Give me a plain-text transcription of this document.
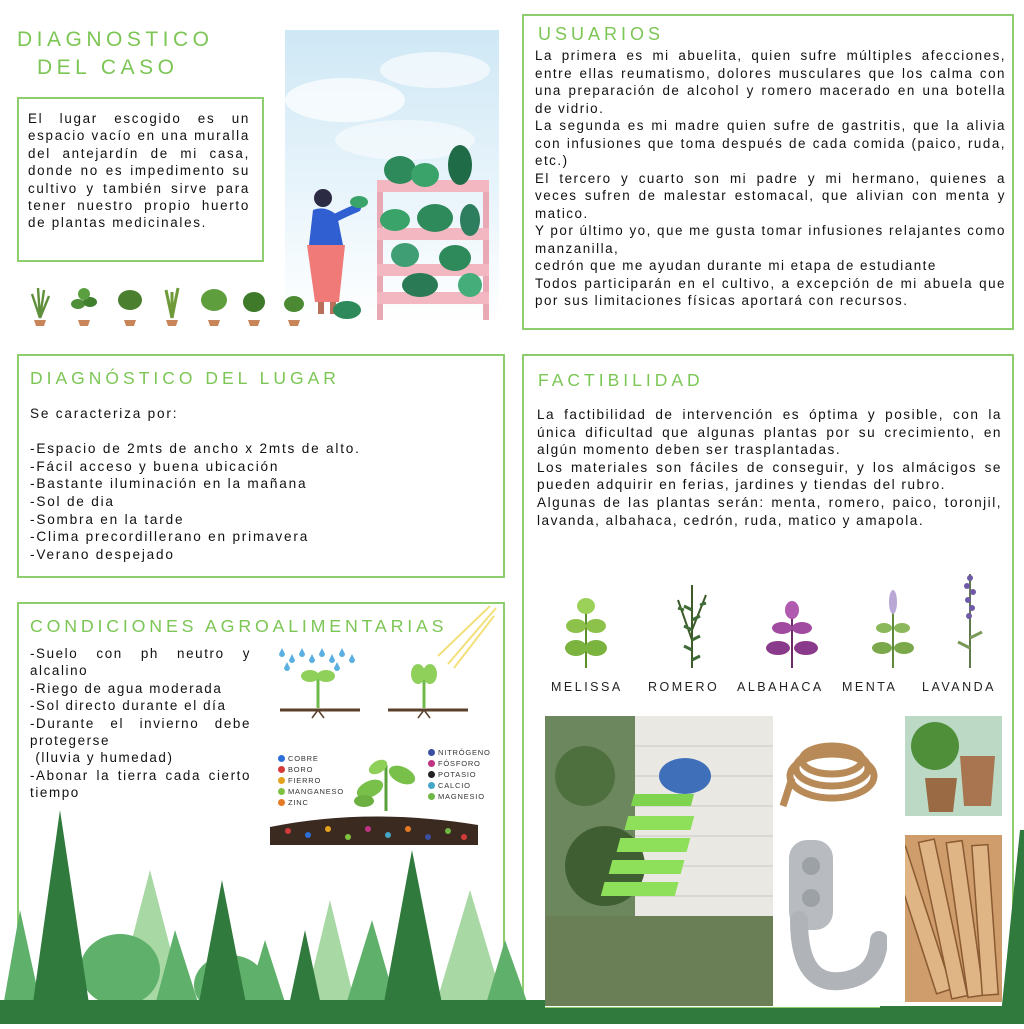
DIAGNOSTICO
DEL CASO
El lugar escogido es un espacio vacío en una muralla del antejardín de mi casa, donde no es impedimento su cultivo y también sirve para tener nuestro propio huerto de plantas medicinales.
USUARIOS

La primera es mi abuelita, quien sufre múltiples afecciones, entre ellas reumatismo, dolores musculares que los calma con una preparación de alcohol y romero macerado en una botella de vidrio.

La segunda es mi madre quien sufre de gastritis, que la alivia con infusiones que toma después de cada comida (paico, ruda, etc.)

El tercero y cuarto son mi padre y mi hermano, quienes a veces sufren de malestar estomacal, que alivian con menta y matico.

Y por último yo, que me gusta tomar infusiones relajantes como manzanilla,

cedrón que me ayudan durante mi etapa de estudiante

Todos participarán en el cultivo, a excepción de mi abuela que por sus limitaciones físicas aportará con recursos.

DIAGNÓSTICO DEL LUGAR
Se caracteriza por:
-Espacio de 2mts de ancho x 2mts de alto.
-Fácil acceso y buena ubicación
-Bastante iluminación en la mañana
-Sol de dia
-Sombra en la tarde
-Clima precordillerano en primavera
-Verano despejado
FACTIBILIDAD

La factibilidad de intervención es óptima y posible, con la única dificultad que algunas plantas por su crecimiento, en algún momento deben ser trasplantadas.

Los materiales son fáciles de conseguir, y los almácigos se pueden adquirir en ferias, jardines y tiendas del rubro.

Algunas de las plantas serán: menta, romero, paico, toronjil, lavanda, albahaca, cedrón, ruda, matico y amapola.

MELISSA ROMERO ALBAHACA MENTA LAVANDA
CONDICIONES AGROALIMENTARIAS

-Suelo con ph neutro y alcalino

-Riego de agua moderada

-Sol directo durante el día

-Durante el invierno debe protegerse

(lluvia y humedad)

-Abonar la tierra cada cierto tiempo

COBRE
BORO
FIERRO
MANGANESO
ZINC
NITRÓGENO
FÓSFORO
POTASIO
CALCIO
MAGNESIO
